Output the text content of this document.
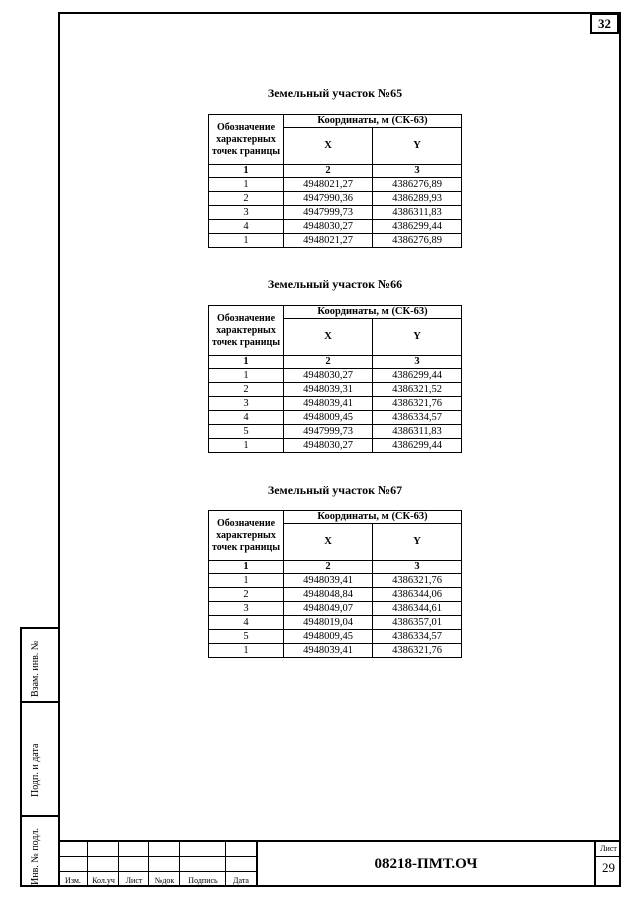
32
Земельный участок №65
Обозначение характерных точек границы	Координаты, м (СК-63)	
	X	Y
1	2	3
1	4948021,27	4386276,89
2	4947990,36	4386289,93
3	4947999,73	4386311,83
4	4948030,27	4386299,44
1	4948021,27	4386276,89
Земельный участок №66
Обозначение характерных точек границы	Координаты, м (СК-63)	
	X	Y
1	2	3
1	4948030,27	4386299,44
2	4948039,31	4386321,52
3	4948039,41	4386321,76
4	4948009,45	4386334,57
5	4947999,73	4386311,83
1	4948030,27	4386299,44
Земельный участок №67
Обозначение характерных точек границы	Координаты, м (СК-63)	
	X	Y
1	2	3
1	4948039,41	4386321,76
2	4948048,84	4386344,06
3	4948049,07	4386344,61
4	4948019,04	4386357,01
5	4948009,45	4386334,57
1	4948039,41	4386321,76
Взам. инв. №
Подп. и дата
Инв. № подл.	Изм.	Кол.уч	Лист	№док	Подпись	Дата
08218-ПМТ.ОЧ
Лист
29
